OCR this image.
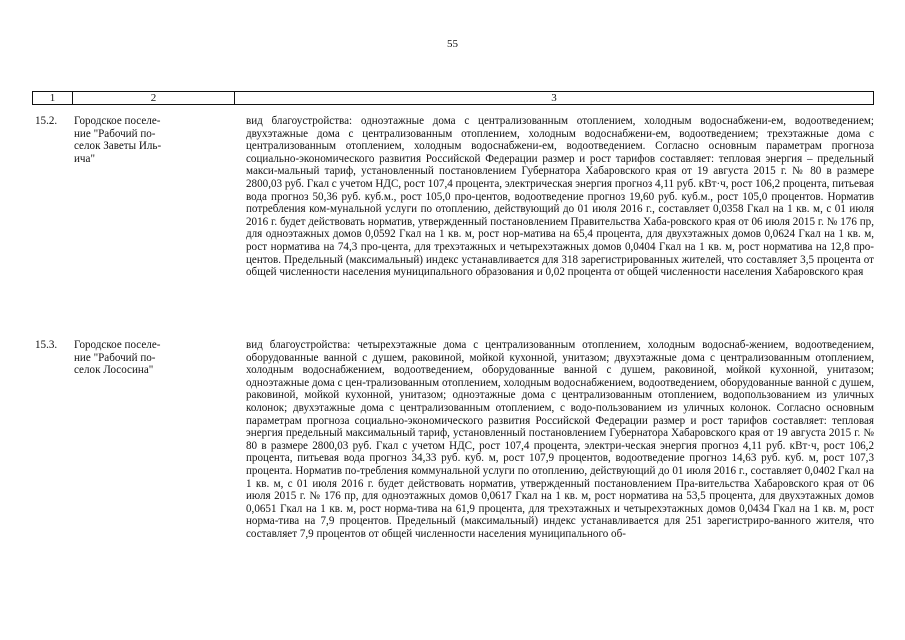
55
1	2	3
15.2. Городское поселе-
ние "Рабочий по-
селок Заветы Иль-
ича"
вид благоустройства: одноэтажные дома с централизованным отоплением, холодным водоснабжени-ем, водоотведением; двухэтажные дома с централизованным отоплением, холодным водоснабжени-ем, водоотведением; трехэтажные дома с централизованным отоплением, холодным водоснабжени-ем, водоотведением. Согласно основным параметрам прогноза социально-экономического развития Российской Федерации размер и рост тарифов составляет: тепловая энергия – предельный макси-мальный тариф, установленный постановлением Губернатора Хабаровского края от 19 августа 2015 г. № 80 в размере 2800,03 руб. Гкал с учетом НДС, рост 107,4 процента, электрическая энергия прогноз 4,11 руб. кВт·ч, рост 106,2 процента, питьевая вода прогноз 50,36 руб. куб.м., рост 105,0 про-центов, водоотведение прогноз 19,60 руб. куб.м., рост 105,0 процентов. Норматив потребления ком-мунальной услуги по отоплению, действующий до 01 июля 2016 г., составляет 0,0358 Гкал на 1 кв. м, с 01 июля 2016 г. будет действовать норматив, утвержденный постановлением Правительства Хаба-ровского края от 06 июля 2015 г. № 176 пр, для одноэтажных домов 0,0592 Гкал на 1 кв. м, рост нор-матива на 65,4 процента, для двухэтажных домов 0,0624 Гкал на 1 кв. м, рост норматива на 74,3 про-цента, для трехэтажных и четырехэтажных домов 0,0404 Гкал на 1 кв. м, рост норматива на 12,8 про-центов. Предельный (максимальный) индекс устанавливается для 318 зарегистрированных жителей, что составляет 3,5 процента от общей численности населения муниципального образования и 0,02 процента от общей численности населения Хабаровского края
15.3. Городское поселе-
ние "Рабочий по-
селок Лососина"
вид благоустройства: четырехэтажные дома с централизованным отоплением, холодным водоснаб-жением, водоотведением, оборудованные ванной с душем, раковиной, мойкой кухонной, унитазом; двухэтажные дома с централизованным отоплением, холодным водоснабжением, водоотведением, оборудованные ванной с душем, раковиной, мойкой кухонной, унитазом; одноэтажные дома с цен-трализованным отоплением, холодным водоснабжением, водоотведением, оборудованные ванной с душем, раковиной, мойкой кухонной, унитазом; одноэтажные дома с централизованным отоплением, водопользованием из уличных колонок; двухэтажные дома с централизованным отоплением, с водо-пользованием из уличных колонок. Согласно основным параметрам прогноза социально-экономического развития Российской Федерации размер и рост тарифов составляет: тепловая энергия предельный максимальный тариф, установленный постановлением Губернатора Хабаровского края от 19 августа 2015 г. № 80 в размере 2800,03 руб. Гкал с учетом НДС, рост 107,4 процента, электри-ческая энергия прогноз 4,11 руб. кВт·ч, рост 106,2 процента, питьевая вода прогноз 34,33 руб. куб. м, рост 107,9 процентов, водоотведение прогноз 14,63 руб. куб. м, рост 107,3 процента. Норматив по-требления коммунальной услуги по отоплению, действующий до 01 июля 2016 г., составляет 0,0402 Гкал на 1 кв. м, с 01 июля 2016 г. будет действовать норматив, утвержденный постановлением Пра-вительства Хабаровского края от 06 июля 2015 г. № 176 пр, для одноэтажных домов 0,0617 Гкал на 1 кв. м, рост норматива на 53,5 процента, для двухэтажных домов 0,0651 Гкал на 1 кв. м, рост норма-тива на 61,9 процента, для трехэтажных и четырехэтажных домов 0,0434 Гкал на 1 кв. м, рост норма-тива на 7,9 процентов. Предельный (максимальный) индекс устанавливается для 251 зарегистриро-ванного жителя, что составляет 7,9 процентов от общей численности населения муниципального об-
